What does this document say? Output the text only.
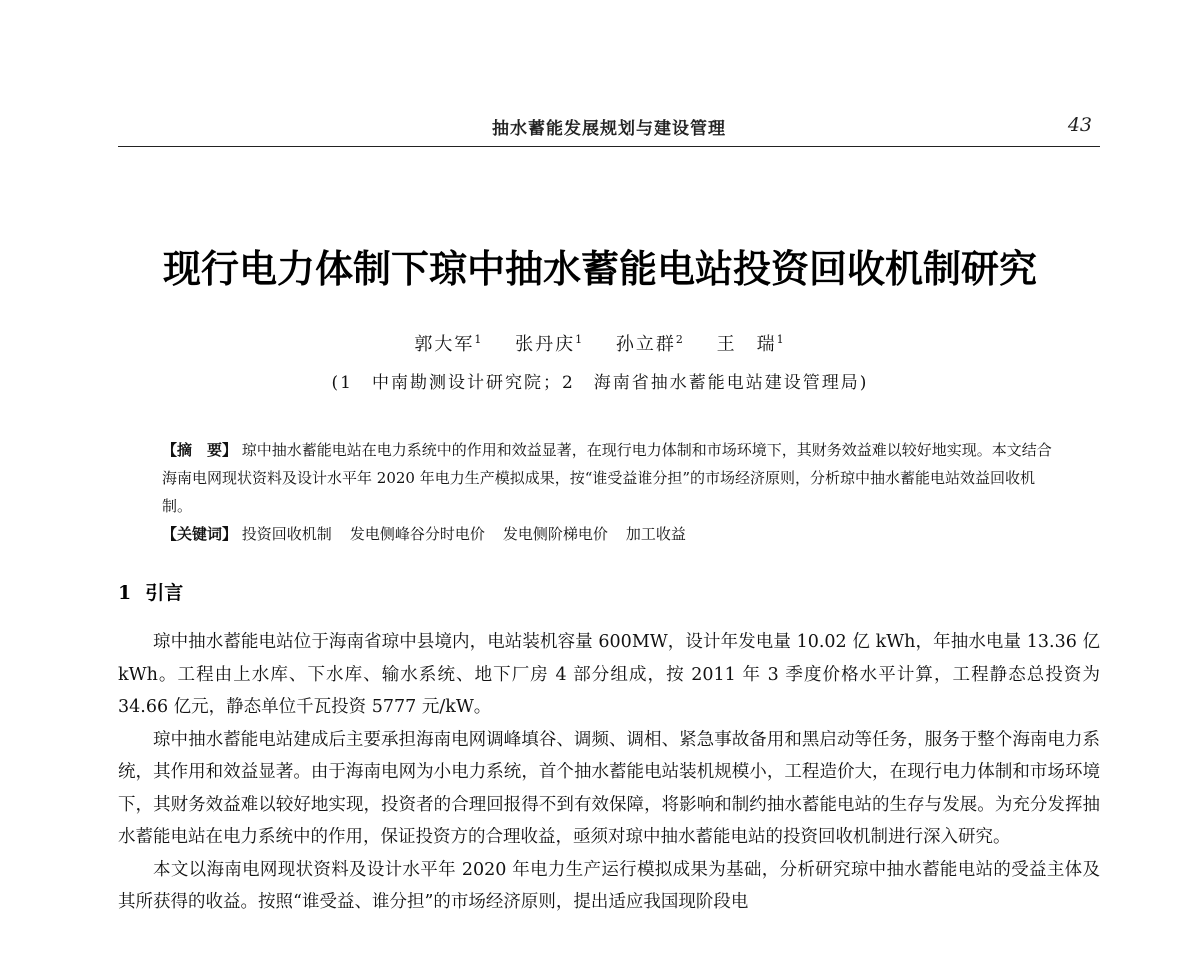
抽水蓄能发展规划与建设管理	43
现行电力体制下琼中抽水蓄能电站投资回收机制研究
郭大军$^1$ 张丹庆$^1$ 孙立群$^2$ 王　瑞$^1$
(1　中南勘测设计研究院；2　海南省抽水蓄能电站建设管理局)

【摘　要】 琼中抽水蓄能电站在电力系统中的作用和效益显著，在现行电力体制和市场环境下，其财务效益难以较好地实现。本文结合海南电网现状资料及设计水平年 2020 年电力生产模拟成果，按“谁受益谁分担”的市场经济原则，分析琼中抽水蓄能电站效益回收机制。

【关键词】 投资回收机制 发电侧峰谷分时电价 发电侧阶梯电价 加工收益

1 引言

琼中抽水蓄能电站位于海南省琼中县境内，电站装机容量 600MW，设计年发电量 10.02 亿 kWh，年抽水电量 13.36 亿 kWh。工程由上水库、下水库、输水系统、地下厂房 4 部分组成，按 2011 年 3 季度价格水平计算，工程静态总投资为 34.66 亿元，静态单位千瓦投资 5777 元/kW。

琼中抽水蓄能电站建成后主要承担海南电网调峰填谷、调频、调相、紧急事故备用和黑启动等任务，服务于整个海南电力系统，其作用和效益显著。由于海南电网为小电力系统，首个抽水蓄能电站装机规模小，工程造价大，在现行电力体制和市场环境下，其财务效益难以较好地实现，投资者的合理回报得不到有效保障，将影响和制约抽水蓄能电站的生存与发展。为充分发挥抽水蓄能电站在电力系统中的作用，保证投资方的合理收益，亟须对琼中抽水蓄能电站的投资回收机制进行深入研究。

本文以海南电网现状资料及设计水平年 2020 年电力生产运行模拟成果为基础，分析研究琼中抽水蓄能电站的受益主体及其所获得的收益。按照“谁受益、谁分担”的市场经济原则，提出适应我国现阶段电
